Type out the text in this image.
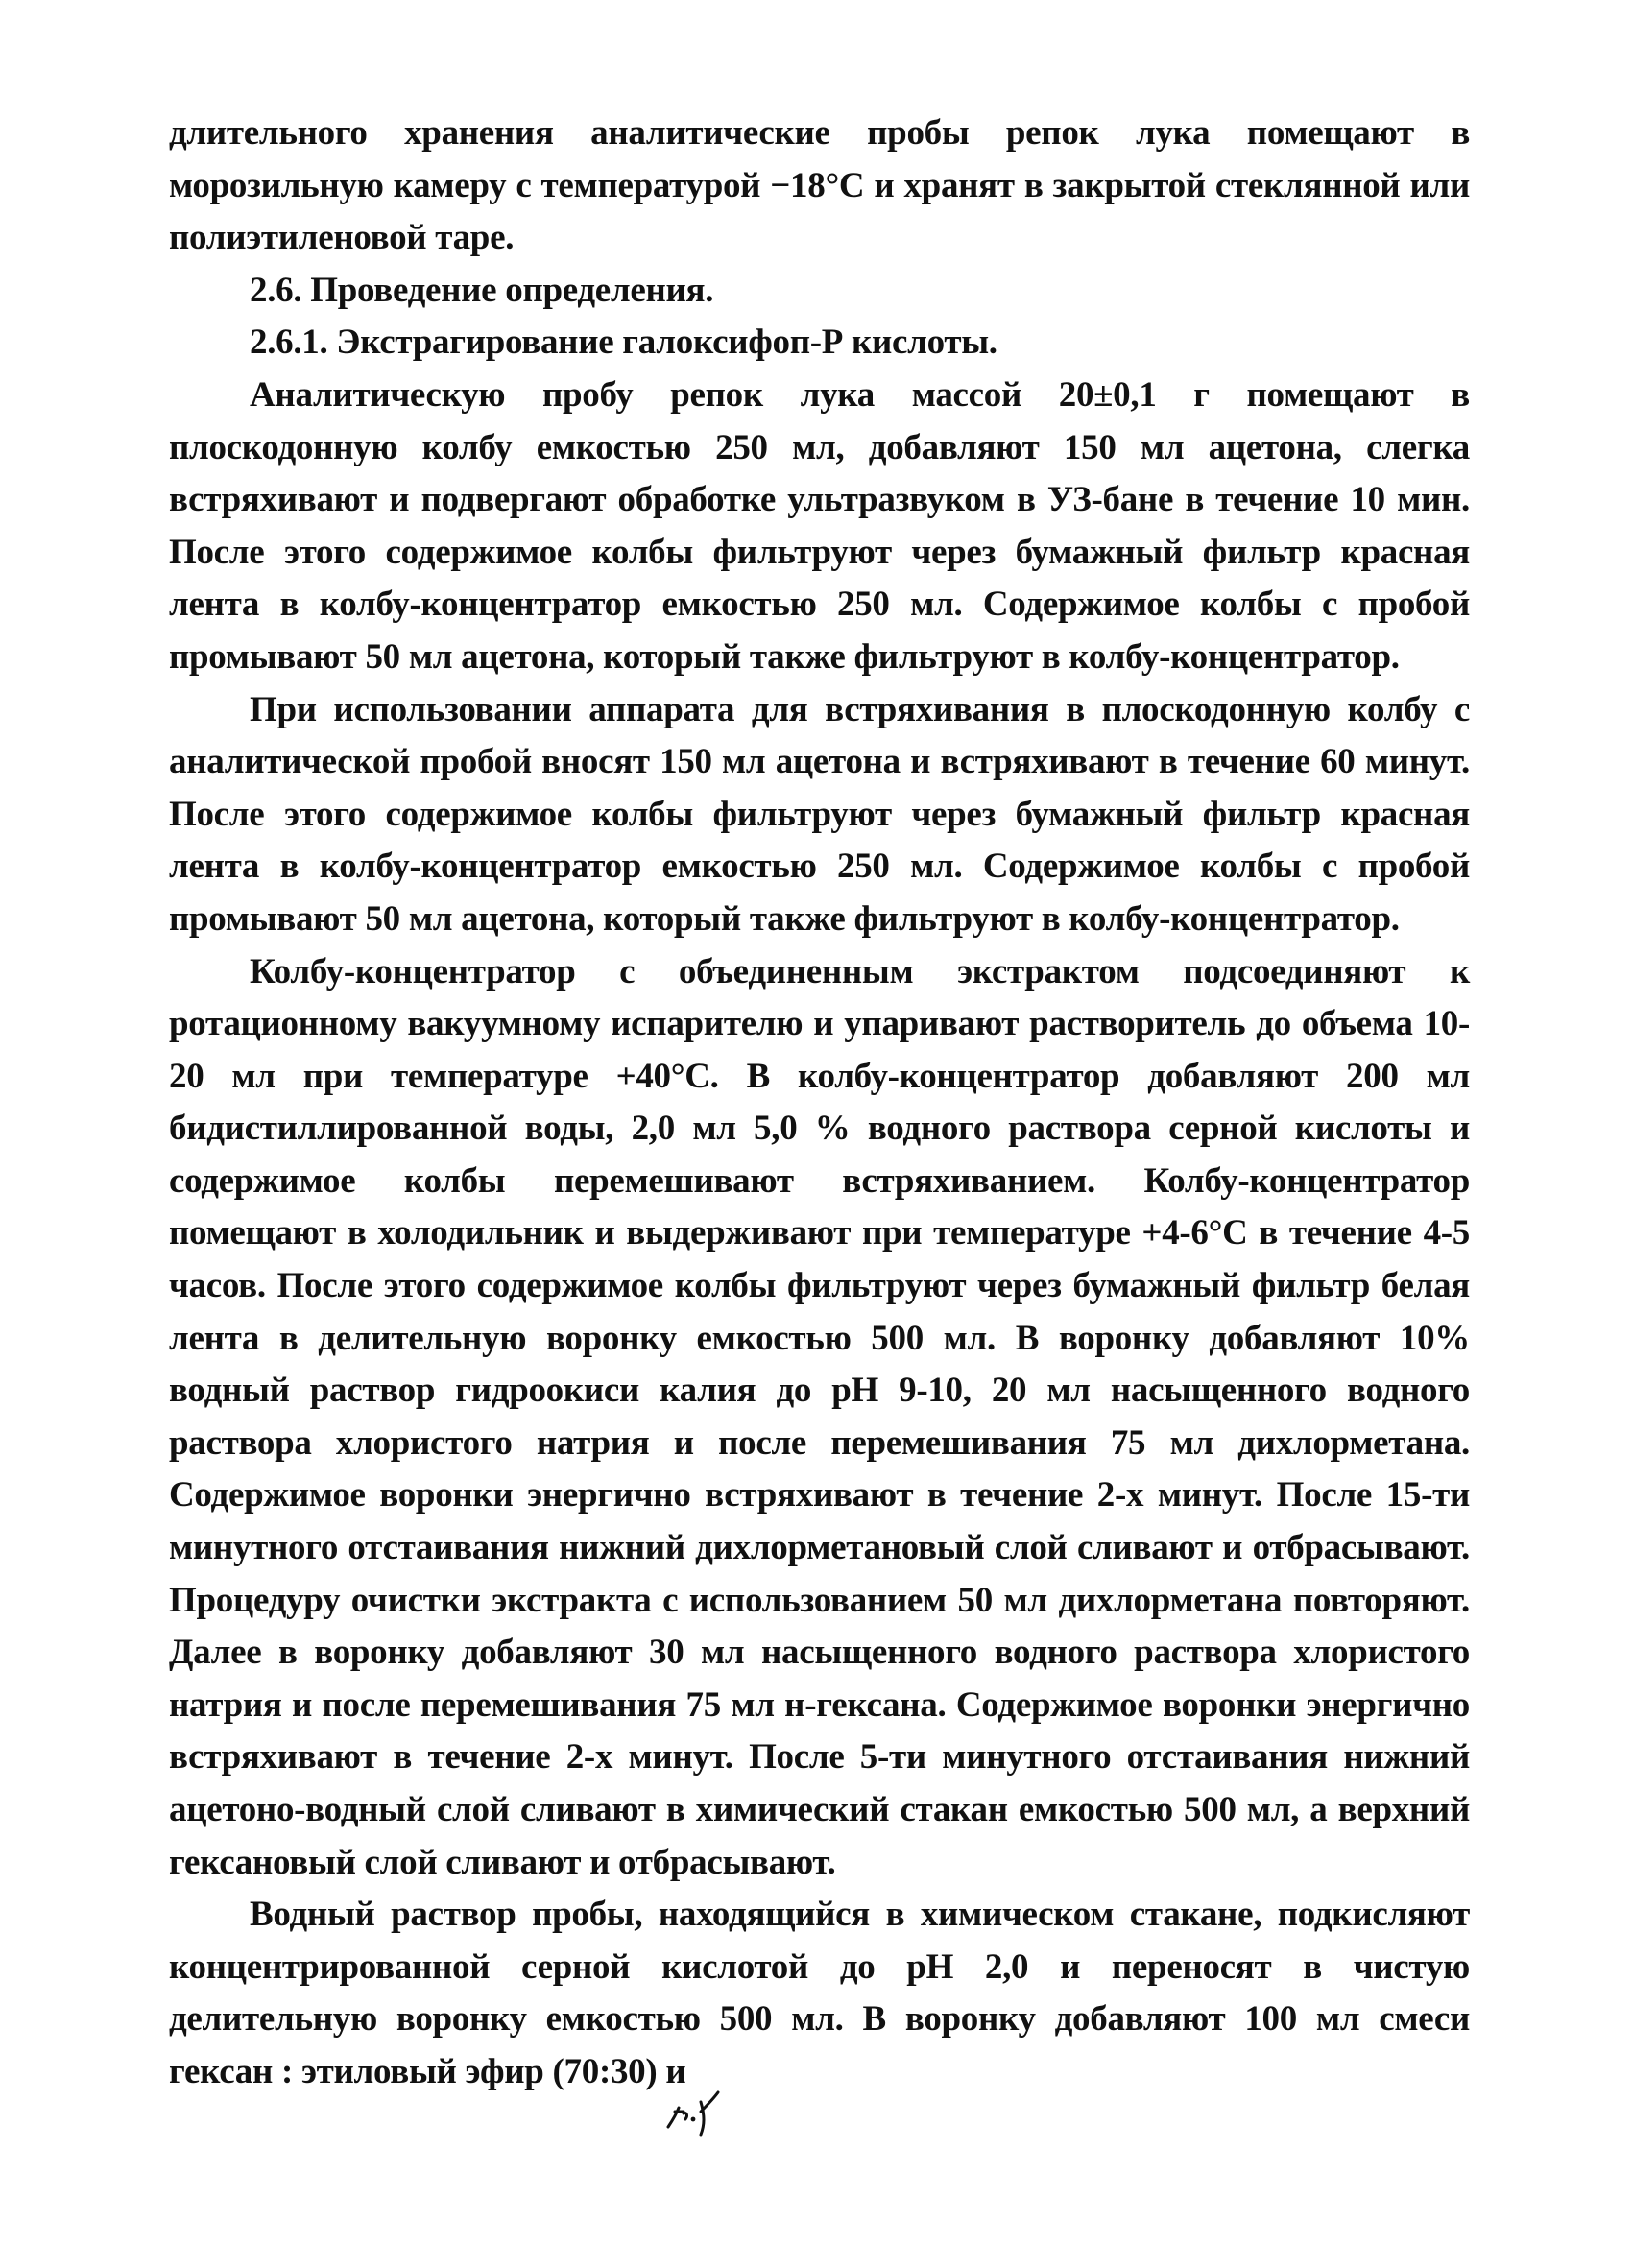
длительного хранения аналитические пробы репок лука помещают в морозильную камеру с температурой −18°С и хранят в закрытой стеклянной или полиэтиленовой таре.

2.6. Проведение определения.

2.6.1. Экстрагирование галоксифоп-Р кислоты.

Аналитическую пробу репок лука массой 20±0,1 г помещают в плоскодонную колбу емкостью 250 мл, добавляют 150 мл ацетона, слегка встряхивают и подвергают обработке ультразвуком в УЗ-бане в течение 10 мин. После этого содержимое колбы фильтруют через бумажный фильтр красная лента в колбу-концентратор емкостью 250 мл. Содержимое колбы с пробой промывают 50 мл ацетона, который также фильтруют в колбу-концентратор.

При использовании аппарата для встряхивания в плоскодонную колбу с аналитической пробой вносят 150 мл ацетона и встряхивают в течение 60 минут. После этого содержимое колбы фильтруют через бумажный фильтр красная лента в колбу-концентратор емкостью 250 мл. Содержимое колбы с пробой промывают 50 мл ацетона, который также фильтруют в колбу-концентратор.

Колбу-концентратор с объединенным экстрактом подсоединяют к ротационному вакуумному испарителю и упаривают растворитель до объема 10-20 мл при температуре +40°С. В колбу-концентратор добавляют 200 мл бидистиллированной воды, 2,0 мл 5,0 % водного раствора серной кислоты и содержимое колбы перемешивают встряхиванием. Колбу-концентратор помещают в холодильник и выдерживают при температуре +4-6°С в течение 4-5 часов. После этого содержимое колбы фильтруют через бумажный фильтр белая лента в делительную воронку емкостью 500 мл. В воронку добавляют 10% водный раствор гидроокиси калия до рН 9-10, 20 мл насыщенного водного раствора хлористого натрия и после перемешивания 75 мл дихлорметана. Содержимое воронки энергично встряхивают в течение 2-х минут. После 15-ти минутного отстаивания нижний дихлорметановый слой сливают и отбрасывают. Процедуру очистки экстракта с использованием 50 мл дихлорметана повторяют. Далее в воронку добавляют 30 мл насыщенного водного раствора хлористого натрия и после перемешивания 75 мл н-гексана. Содержимое воронки энергично встряхивают в течение 2-х минут. После 5-ти минутного отстаивания нижний ацетоно-водный слой сливают в химический стакан емкостью 500 мл, а верхний гексановый слой сливают и отбрасывают.

Водный раствор пробы, находящийся в химическом стакане, подкисляют концентрированной серной кислотой до рН 2,0 и переносят в чистую делительную воронку емкостью 500 мл. В воронку добавляют 100 мл смеси гексан : этиловый эфир (70:30) и
